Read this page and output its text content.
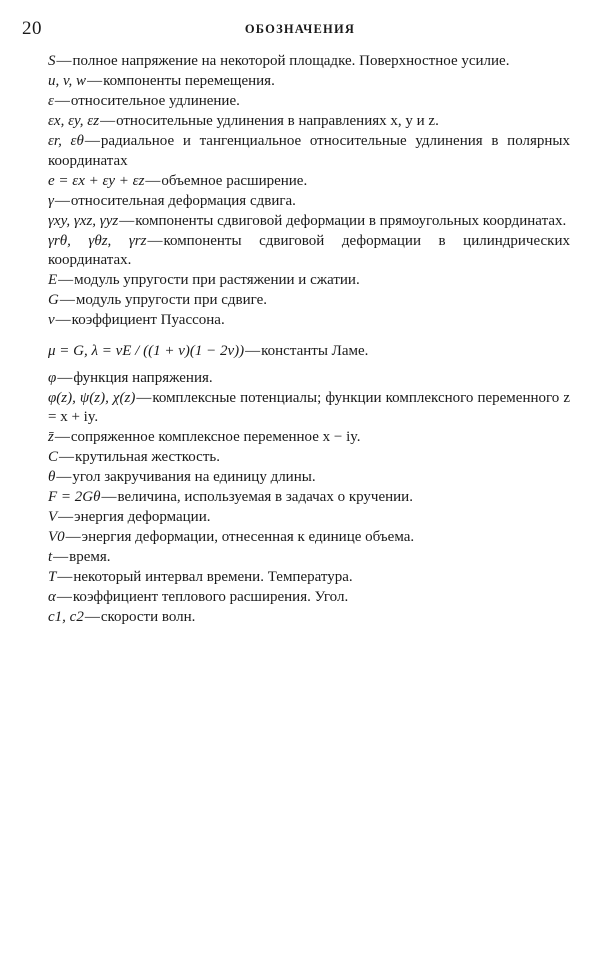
20	ОБОЗНАЧЕНИЯ

S—полное напряжение на некоторой площадке. Поверхностное усилие.

u, v, w—компоненты перемещения.

ε—относительное удлинение.

εx, εy, εz—относительные удлинения в направлениях x, y и z.

εr, εθ—радиальное и тангенциальное относительные удлинения в полярных координатах

e = εx + εy + εz—объемное расширение.

γ—относительная деформация сдвига.

γxy, γxz, γyz—компоненты сдвиговой деформации в прямоугольных координатах.

γrθ, γθz, γrz—компоненты сдвиговой деформации в цилиндрических координатах.

E—модуль упругости при растяжении и сжатии.

G—модуль упругости при сдвиге.

ν—коэффициент Пуассона.

μ = G, λ = νE / ((1 + ν)(1 − 2ν))—константы Ламе.

φ—функция напряжения.

φ(z), ψ(z), χ(z)—комплексные потенциалы; функции комплексного переменного z = x + iy.

z̄—сопряженное комплексное переменное x − iy.

C—крутильная жесткость.

θ—угол закручивания на единицу длины.

F = 2Gθ—величина, используемая в задачах о кручении.

V—энергия деформации.

V0—энергия деформации, отнесенная к единице объема.

t—время.

T—некоторый интервал времени. Температура.

α—коэффициент теплового расширения. Угол.

c1, c2—скорости волн.
